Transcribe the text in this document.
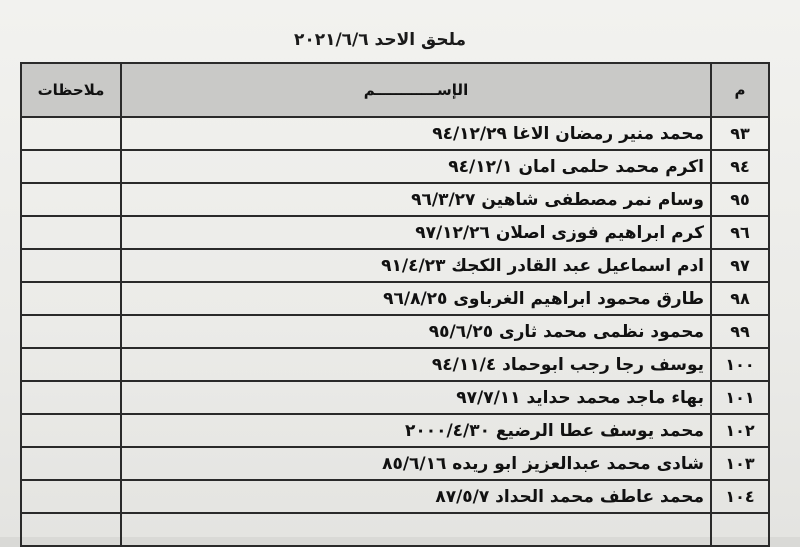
ملحق الاحد ٢٠٢١/٦/٦
م	الإســــــــــــم	ملاحظات
٩٣	محمد منير رمضان الاغا ٩٤/١٢/٢٩	
٩٤	اكرم محمد حلمى امان ٩٤/١٢/١	
٩٥	وسام نمر مصطفى شاهين ٩٦/٣/٢٧	
٩٦	كرم ابراهيم فوزى اصلان ٩٧/١٢/٢٦	
٩٧	ادم اسماعيل عبد القادر الكجك ٩١/٤/٢٣	
٩٨	طارق محمود ابراهيم الغرباوى ٩٦/٨/٢٥	
٩٩	محمود نظمى محمد ثارى ٩٥/٦/٢٥	
١٠٠	يوسف رجا رجب ابوحماد ٩٤/١١/٤	
١٠١	بهاء ماجد محمد حدايد ٩٧/٧/١١	
١٠٢	محمد يوسف عطا الرضيع ٢٠٠٠/٤/٣٠	
١٠٣	شادى محمد عبدالعزيز ابو ريده ٨٥/٦/١٦	
١٠٤	محمد عاطف محمد الحداد ٨٧/٥/٧	
